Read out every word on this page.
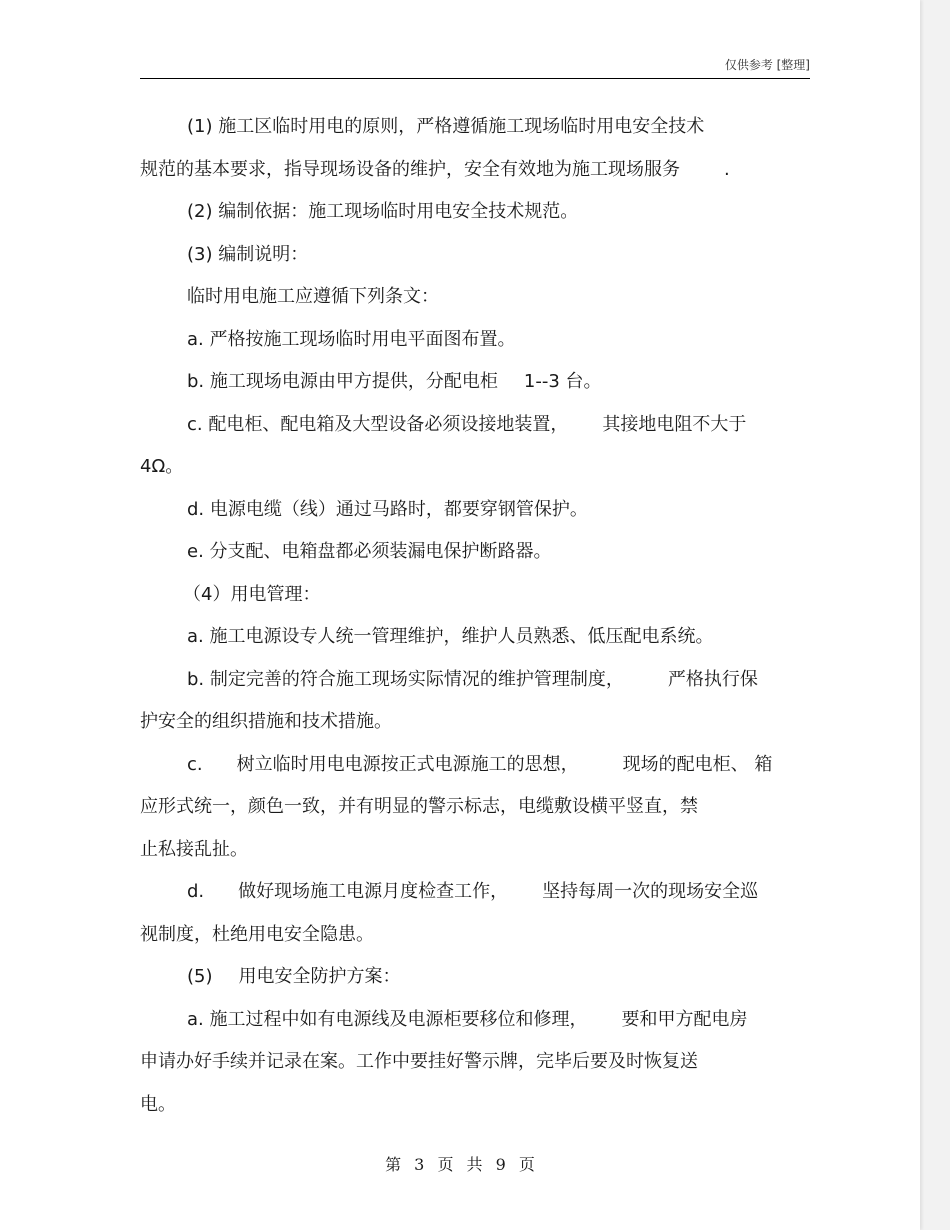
仅供参考 [整理]

(1) 施工区临时用电的原则，严格遵循施工现场临时用电安全技术

规范的基本要求，指导现场设备的维护，安全有效地为施工现场服务 .

(2) 编制依据：施工现场临时用电安全技术规范。

(3) 编制说明：

临时用电施工应遵循下列条文：

a. 严格按施工现场临时用电平面图布置。

b. 施工现场电源由甲方提供，分配电柜 1--3 台。

c. 配电柜、配电箱及大型设备必须设接地装置， 其接地电阻不大于

4Ω。

d. 电源电缆（线）通过马路时，都要穿钢管保护。

e. 分支配、电箱盘都必须装漏电保护断路器。

（4）用电管理：

a. 施工电源设专人统一管理维护，维护人员熟悉、低压配电系统。

b. 制定完善的符合施工现场实际情况的维护管理制度， 严格执行保

护安全的组织措施和技术措施。

c. 树立临时用电电源按正式电源施工的思想， 现场的配电柜、 箱

应形式统一，颜色一致，并有明显的警示标志，电缆敷设横平竖直，禁

止私接乱扯。

d. 做好现场施工电源月度检查工作， 坚持每周一次的现场安全巡

视制度，杜绝用电安全隐患。

(5) 用电安全防护方案：

a. 施工过程中如有电源线及电源柜要移位和修理， 要和甲方配电房

申请办好手续并记录在案。工作中要挂好警示牌，完毕后要及时恢复送

电。

第 3 页 共 9 页
